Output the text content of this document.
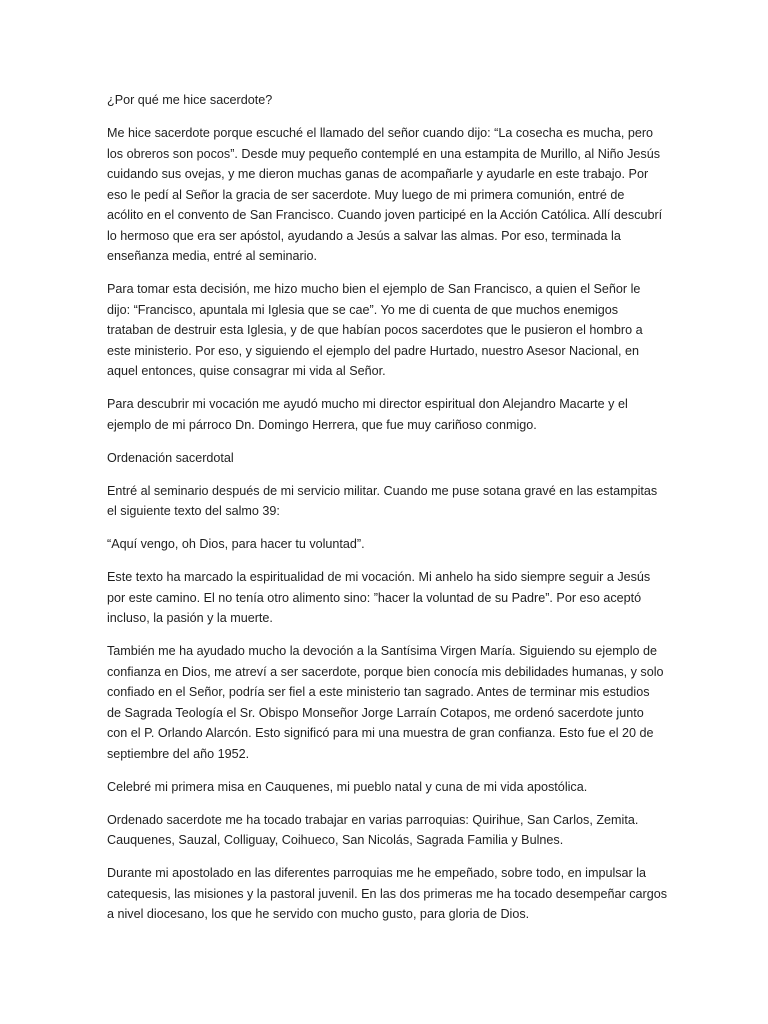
¿Por qué me hice sacerdote?
Me hice sacerdote porque escuché el llamado del señor cuando dijo: “La cosecha es mucha, pero
los obreros son pocos”. Desde muy pequeño contemplé en una estampita de Murillo, al Niño Jesús
cuidando sus ovejas, y me dieron muchas ganas de acompañarle y ayudarle en este trabajo. Por
eso le pedí al Señor la gracia de ser sacerdote. Muy luego de mi primera comunión, entré de
acólito en el convento de San Francisco. Cuando joven participé en la Acción Católica. Allí descubrí
lo hermoso que era ser apóstol, ayudando a Jesús a salvar las almas. Por eso, terminada la
enseñanza media, entré al seminario.
Para tomar esta decisión, me hizo mucho bien el ejemplo de San Francisco, a quien el Señor le
dijo: “Francisco, apuntala mi Iglesia que se cae”. Yo me di cuenta de que muchos enemigos
trataban de destruir esta Iglesia, y de que habían pocos sacerdotes que le pusieron el hombro a
este ministerio. Por eso, y siguiendo el ejemplo del padre Hurtado, nuestro Asesor Nacional, en
aquel entonces, quise consagrar mi vida al Señor.
Para descubrir mi vocación me ayudó mucho mi director espiritual don Alejandro Macarte y el
ejemplo de mi párroco Dn. Domingo Herrera, que fue muy cariñoso conmigo.
Ordenación sacerdotal
Entré al seminario después de mi servicio militar. Cuando me puse sotana gravé en las estampitas
el siguiente texto del salmo 39:
“Aquí vengo, oh Dios, para hacer tu voluntad”.
Este texto ha marcado la espiritualidad de mi vocación. Mi anhelo ha sido siempre seguir a Jesús
por este camino. El no tenía otro alimento sino: ”hacer la voluntad de su Padre”. Por eso aceptó
incluso, la pasión y la muerte.
También me ha ayudado mucho la devoción a la Santísima Virgen María. Siguiendo su ejemplo de
confianza en Dios, me atreví a ser sacerdote, porque bien conocía mis debilidades humanas, y solo
confiado en el Señor, podría ser fiel a este ministerio tan sagrado. Antes de terminar mis estudios
de Sagrada Teología el Sr. Obispo Monseñor Jorge Larraín Cotapos, me ordenó sacerdote junto
con el P. Orlando Alarcón. Esto significó para mi una muestra de gran confianza. Esto fue el 20 de
septiembre del año 1952.
Celebré mi primera misa en Cauquenes, mi pueblo natal y cuna de mi vida apostólica.
Ordenado sacerdote me ha tocado trabajar en varias parroquias: Quirihue, San Carlos, Zemita.
Cauquenes, Sauzal, Colliguay, Coihueco, San Nicolás, Sagrada Familia y Bulnes.
Durante mi apostolado en las diferentes parroquias me he empeñado, sobre todo, en impulsar la
catequesis, las misiones y la pastoral juvenil. En las dos primeras me ha tocado desempeñar cargos
a nivel diocesano, los que he servido con mucho gusto, para gloria de Dios.
